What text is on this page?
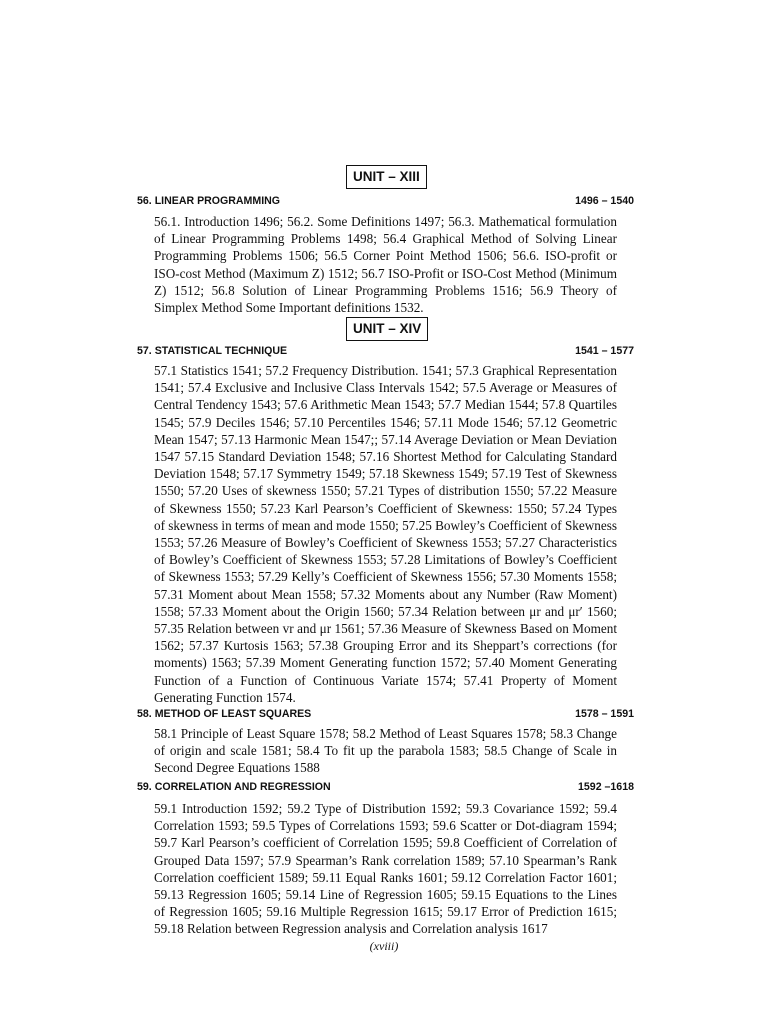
UNIT – XIII
56. LINEAR PROGRAMMING	1496 – 1540
56.1. Introduction 1496; 56.2. Some Definitions 1497; 56.3. Mathematical formulation of Linear Programming Problems 1498; 56.4 Graphical Method of Solving Linear Programming Problems 1506; 56.5 Corner Point Method 1506; 56.6. ISO-profit or ISO-cost Method (Maximum Z) 1512; 56.7 ISO-Profit or ISO-Cost Method (Minimum Z) 1512; 56.8 Solution of Linear Programming Problems 1516; 56.9 Theory of Simplex Method Some Important definitions 1532.
UNIT – XIV
57. STATISTICAL TECHNIQUE	1541 – 1577
57.1 Statistics 1541; 57.2 Frequency Distribution. 1541; 57.3 Graphical Representation 1541; 57.4 Exclusive and Inclusive Class Intervals 1542; 57.5 Average or Measures of Central Tendency 1543; 57.6 Arithmetic Mean 1543; 57.7 Median 1544; 57.8 Quartiles 1545; 57.9 Deciles 1546; 57.10 Percentiles 1546; 57.11 Mode 1546; 57.12 Geometric Mean 1547; 57.13 Harmonic Mean 1547;; 57.14 Average Deviation or Mean Deviation 1547 57.15 Standard Deviation 1548; 57.16 Shortest Method for Calculating Standard Deviation 1548; 57.17 Symmetry 1549; 57.18 Skewness 1549; 57.19 Test of Skewness 1550; 57.20 Uses of skewness 1550; 57.21 Types of distribution 1550; 57.22 Measure of Skewness 1550; 57.23 Karl Pearson’s Coefficient of Skewness: 1550; 57.24 Types of skewness in terms of mean and mode 1550; 57.25 Bowley’s Coefficient of Skewness 1553; 57.26 Measure of Bowley’s Coefficient of Skewness 1553; 57.27 Characteristics of Bowley’s Coefficient of Skewness 1553; 57.28 Limitations of Bowley’s Coefficient of Skewness 1553; 57.29 Kelly’s Coefficient of Skewness 1556; 57.30 Moments 1558; 57.31 Moment about Mean 1558; 57.32 Moments about any Number (Raw Moment) 1558; 57.33 Moment about the Origin 1560; 57.34 Relation between μr and μr′ 1560; 57.35 Relation between vr and μr 1561; 57.36 Measure of Skewness Based on Moment 1562; 57.37 Kurtosis 1563; 57.38 Grouping Error and its Sheppart’s corrections (for moments) 1563; 57.39 Moment Generating function 1572; 57.40 Moment Generating Function of a Function of Continuous Variate 1574; 57.41 Property of Moment Generating Function 1574.
58. METHOD OF LEAST SQUARES	1578 – 1591
58.1 Principle of Least Square 1578; 58.2 Method of Least Squares 1578; 58.3 Change of origin and scale 1581; 58.4 To fit up the parabola 1583; 58.5 Change of Scale in Second Degree Equations 1588
59. CORRELATION AND REGRESSION	1592 –1618
59.1 Introduction 1592; 59.2 Type of Distribution 1592; 59.3 Covariance 1592; 59.4 Correlation 1593; 59.5 Types of Correlations 1593; 59.6 Scatter or Dot-diagram 1594; 59.7 Karl Pearson’s coefficient of Correlation 1595; 59.8 Coefficient of Correlation of Grouped Data 1597; 57.9 Spearman’s Rank correlation 1589; 57.10 Spearman’s Rank Correlation coefficient 1589; 59.11 Equal Ranks 1601; 59.12 Correlation Factor 1601; 59.13 Regression 1605; 59.14 Line of Regression 1605; 59.15 Equations to the Lines of Regression 1605; 59.16 Multiple Regression 1615; 59.17 Error of Prediction 1615; 59.18 Relation between Regression analysis and Correlation analysis 1617
(xviii)
